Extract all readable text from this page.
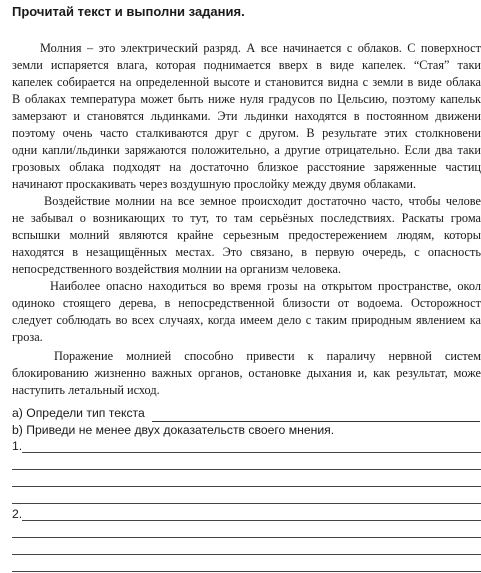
Прочитай текст и выполни задания.
Молния – это электрический разряд. А все начинается с облаков. С поверхност
земли испаряется влага, которая поднимается вверх в виде капелек. “Стая” таки
капелек собирается на определенной высоте и становится видна с земли в виде облака
В облаках температура может быть ниже нуля градусов по Цельсию, поэтому капельк
замерзают и становятся льдинками. Эти льдинки находятся в постоянном движени
поэтому очень часто сталкиваются друг с другом. В результате этих столкновени
одни капли/льдинки заряжаются положительно, а другие отрицательно. Если два таки
грозовых облака подходят на достаточно близкое расстояние заряженные частиц
начинают проскакивать через воздушную прослойку между двумя облаками.
Воздействие молнии на все земное происходит достаточно часто, чтобы челове
не забывал о возникающих то тут, то там серьёзных последствиях. Раскаты грома
вспышки молний являются крайне серьезным предостережением людям, которы
находятся в незащищённых местах. Это связано, в первую очередь, с опасность
непосредственного воздействия молнии на организм человека.
Наиболее опасно находиться во время грозы на открытом пространстве, окол
одиноко стоящего дерева, в непосредственной близости от водоема. Осторожност
следует соблюдать во всех случаях, когда имеем дело с таким природным явлением ка
гроза.
Поражение молнией способно привести к параличу нервной систем
блокированию жизненно важных органов, остановке дыхания и, как результат, може
наступить летальный исход.
a) Определи тип текста
b) Приведи не менее двух доказательств своего мнения.
1.
2.
